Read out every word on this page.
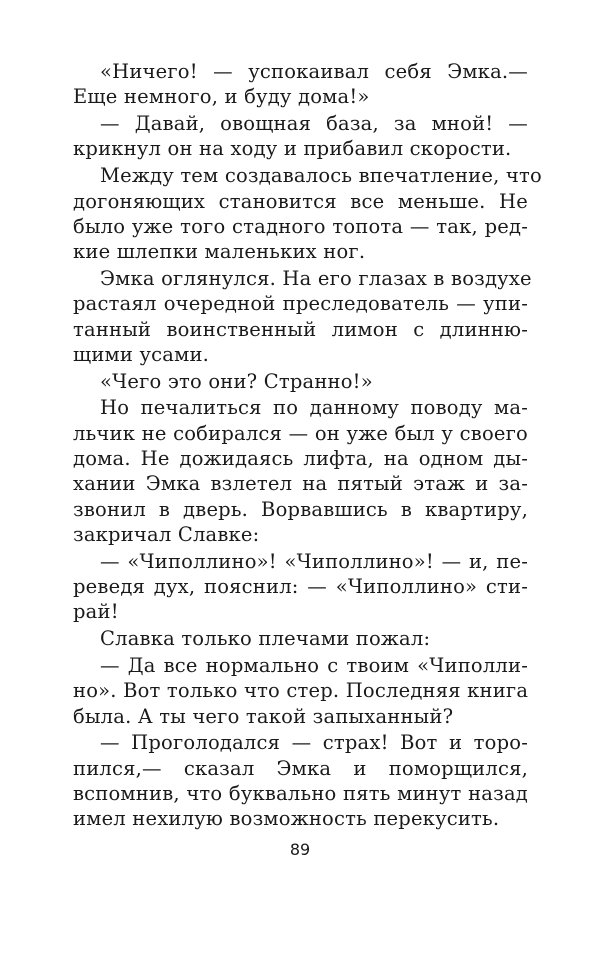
«Ничего! — успокаивал себя Эмка.—
Еще немного, и буду дома!»
— Давай, овощная база, за мной! —
крикнул он на ходу и прибавил скорости.
Между тем создавалось впечатление, что
догоняющих становится все меньше. Не
было уже того стадного топота — так, ред-
кие шлепки маленьких ног.
Эмка оглянулся. На его глазах в воздухе
растаял очередной преследователь — упи-
танный воинственный лимон с длинню-
щими усами.
«Чего это они? Странно!»
Но печалиться по данному поводу ма-
льчик не собирался — он уже был у своего
дома. Не дожидаясь лифта, на одном ды-
хании Эмка взлетел на пятый этаж и за-
звонил в дверь. Ворвавшись в квартиру,
закричал Славке:
— «Чиполлино»! «Чиполлино»! — и, пе-
реведя дух, пояснил: — «Чиполлино» сти-
рай!
Славка только плечами пожал:
— Да все нормально с твоим «Чиполли-
но». Вот только что стер. Последняя книга
была. А ты чего такой запыханный?
— Проголодался — страх! Вот и торо-
пился,— сказал Эмка и поморщился,
вспомнив, что буквально пять минут назад
имел нехилую возможность перекусить.
89
